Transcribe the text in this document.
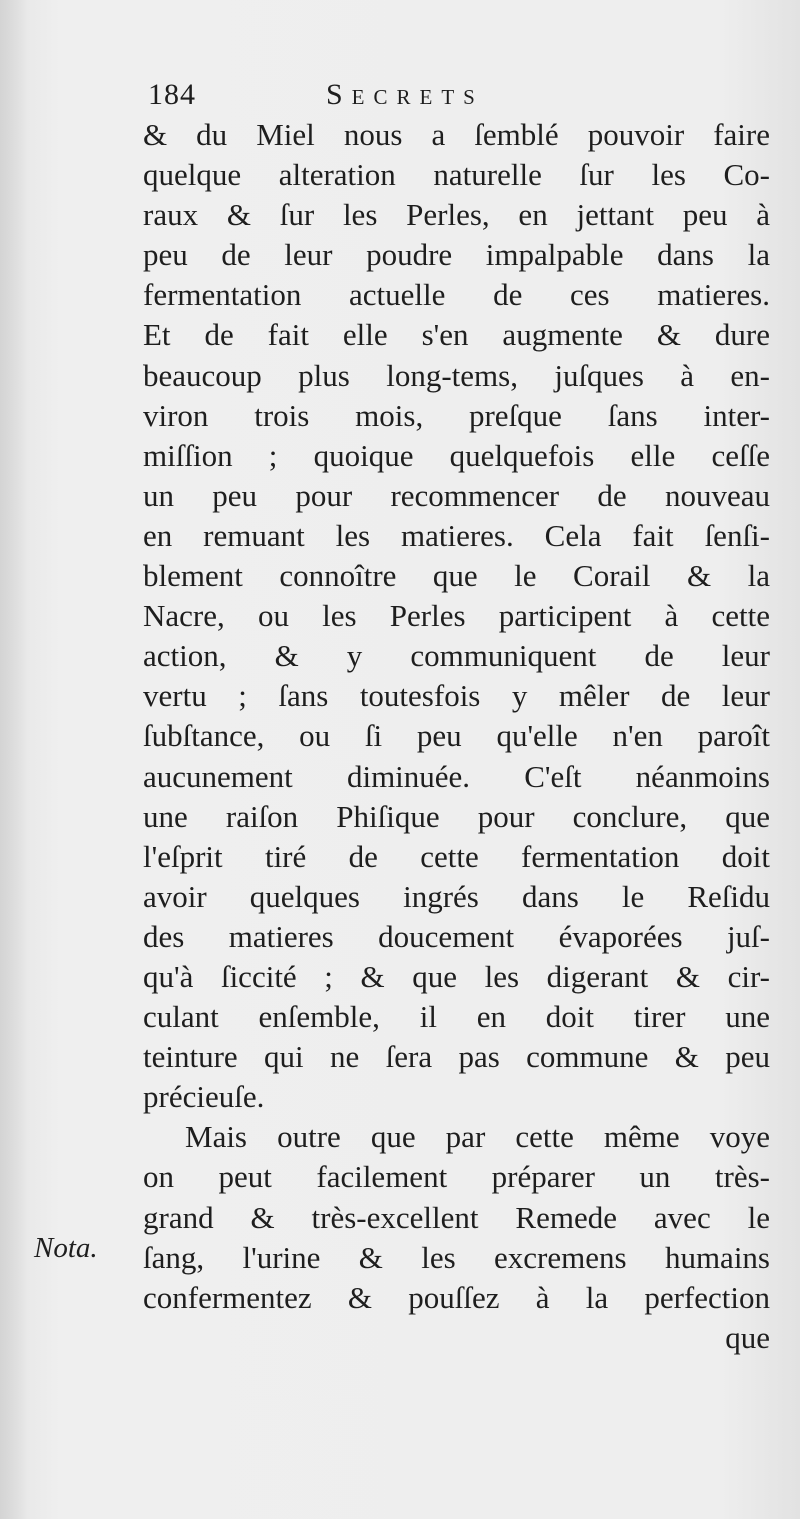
184	Secrets
Nota.
& du Miel nous a ſemblé pouvoir faire
quelque alteration naturelle ſur les Co-
raux & ſur les Perles, en jettant peu à
peu de leur poudre impalpable dans la
fermentation actuelle de ces matieres.
Et de fait elle s'en augmente & dure
beaucoup plus long-tems, juſques à en-
viron trois mois, preſque ſans inter-
miſſion ; quoique quelquefois elle ceſſe
un peu pour recommencer de nouveau
en remuant les matieres. Cela fait ſenſi-
blement connoître que le Corail & la
Nacre, ou les Perles participent à cette
action, & y communiquent de leur
vertu ; ſans toutesfois y mêler de leur
ſubſtance, ou ſi peu qu'elle n'en paroît
aucunement diminuée. C'eſt néanmoins
une raiſon Phiſique pour conclure, que
l'eſprit tiré de cette fermentation doit
avoir quelques ingrés dans le Reſidu
des matieres doucement évaporées juſ-
qu'à ſiccité ; & que les digerant & cir-
culant enſemble, il en doit tirer une
teinture qui ne ſera pas commune & peu
précieuſe.
Mais outre que par cette même voye
on peut facilement préparer un très-
grand & très-excellent Remede avec le
ſang, l'urine & les excremens humains
confermentez & pouſſez à la perfection
que
